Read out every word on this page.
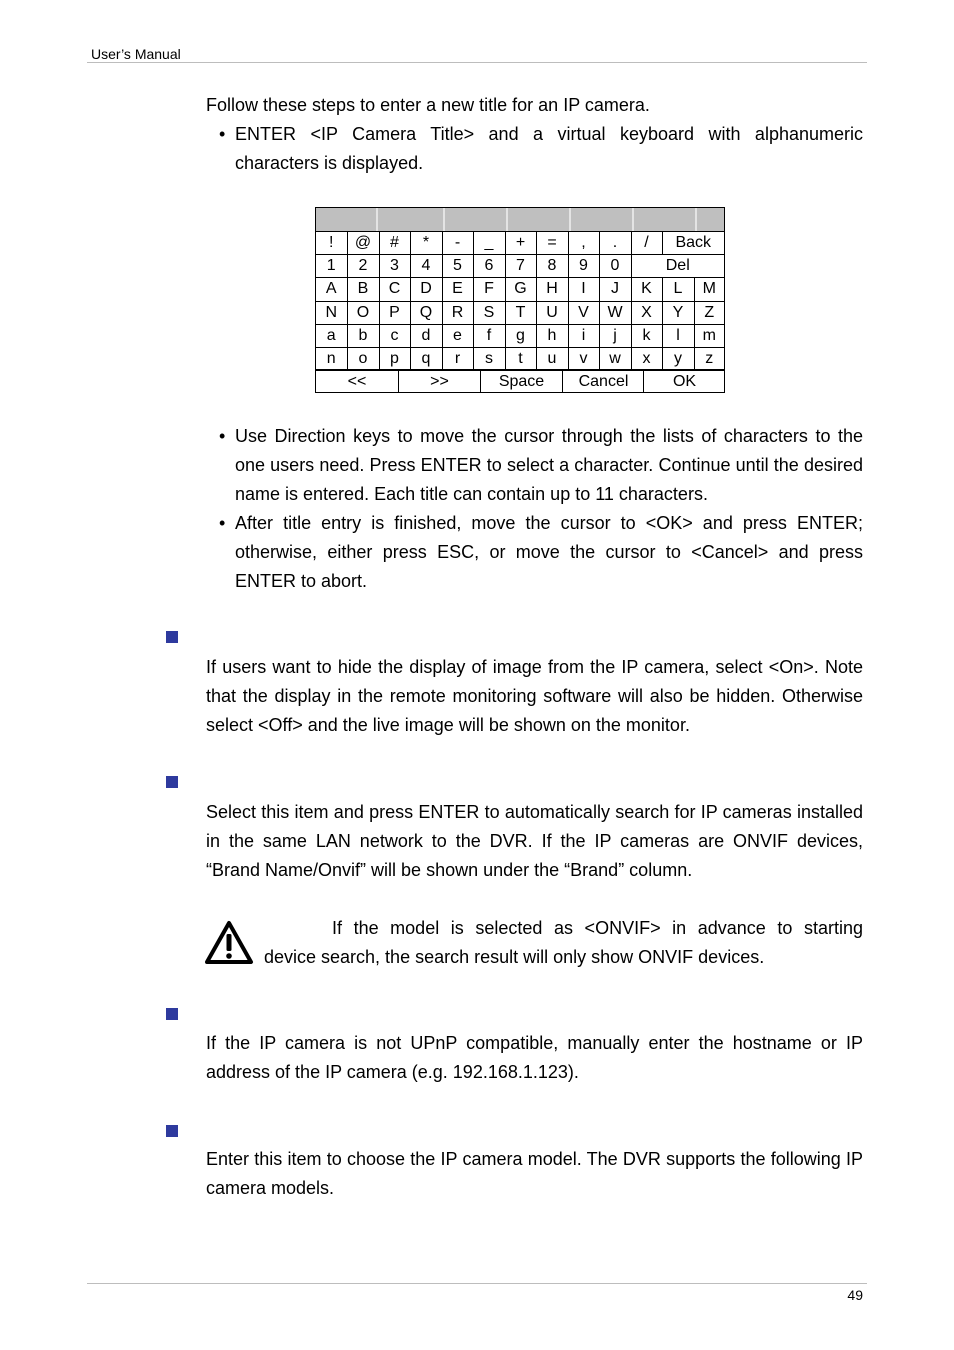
User’s Manual

Follow these steps to enter a new title for an IP camera.

• ENTER <IP Camera Title> and a virtual keyboard with alphanumeric characters is displayed.

!	@	#	*	-	_	+	=	,	.	/	Back	
1	2	3	4	5	6	7	8	9	0	Del		
A	B	C	D	E	F	G	H	I	J	K	L	M
N	O	P	Q	R	S	T	U	V	W	X	Y	Z
a	b	c	d	e	f	g	h	i	j	k	l	m
n	o	p	q	r	s	t	u	v	w	x	y	z
<<	>>	Space	Cancel	OK
• Use Direction keys to move the cursor through the lists of characters to the one users need. Press ENTER to select a character. Continue until the desired name is entered. Each title can contain up to 11 characters.

• After title entry is finished, move the cursor to <OK> and press ENTER; otherwise, either press ESC, or move the cursor to <Cancel> and press ENTER to abort.

If users want to hide the display of image from the IP camera, select <On>. Note that the display in the remote monitoring software will also be hidden. Otherwise select <Off> and the live image will be shown on the monitor.

Select this item and press ENTER to automatically search for IP cameras installed in the same LAN network to the DVR. If the IP cameras are ONVIF devices, “Brand Name/Onvif” will be shown under the “Brand” column.

If the model is selected as <ONVIF> in advance to starting

device search, the search result will only show ONVIF devices.

If the IP camera is not UPnP compatible, manually enter the hostname or IP address of the IP camera (e.g. 192.168.1.123).

Enter this item to choose the IP camera model. The DVR supports the following IP camera models.

49
